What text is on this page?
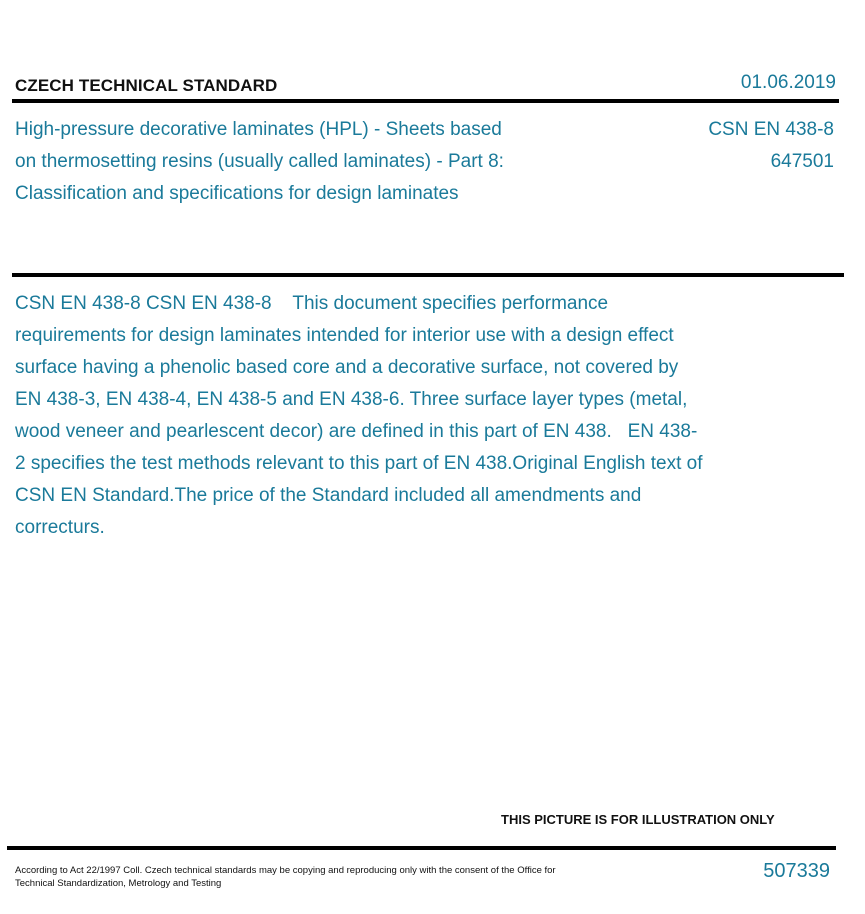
CZECH TECHNICAL STANDARD	01.06.2019
High-pressure decorative laminates (HPL) - Sheets based on thermosetting resins (usually called laminates) - Part 8: Classification and specifications for design laminates
CSN EN 438-8
647501
CSN EN 438-8 CSN EN 438-8    This document specifies performance requirements for design laminates intended for interior use with a design effect surface having a phenolic based core and a decorative surface, not covered by EN 438-3, EN 438-4, EN 438-5 and EN 438-6. Three surface layer types (metal, wood veneer and pearlescent decor) are defined in this part of EN 438.   EN 438-2 specifies the test methods relevant to this part of EN 438.Original English text of CSN EN Standard.The price of the Standard included all amendments and correcturs.
THIS PICTURE IS FOR ILLUSTRATION ONLY
According to Act 22/1997 Coll. Czech technical standards may be copying and reproducing only with the consent of the Office for Technical Standardization, Metrology and Testing
507339
